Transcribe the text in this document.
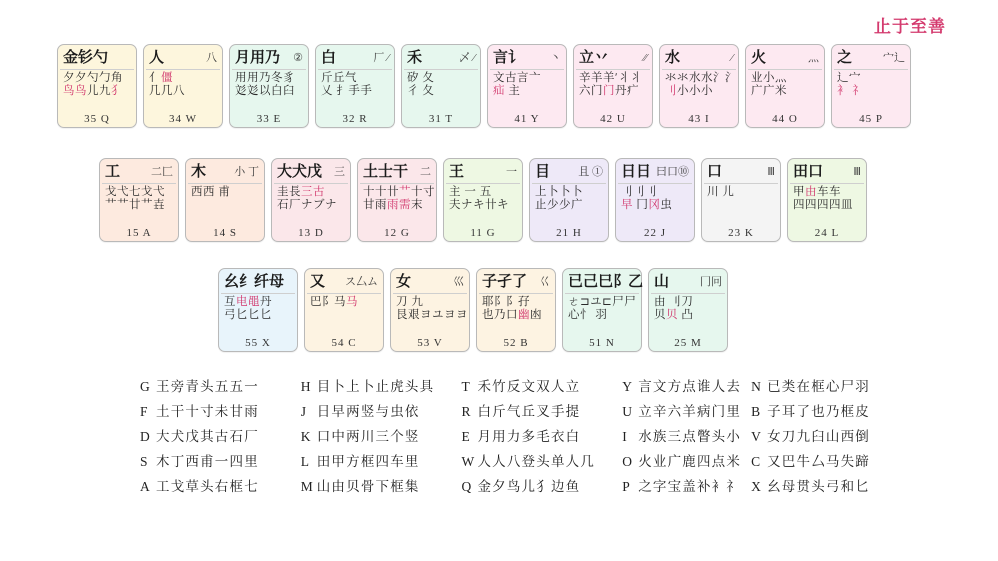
止于至善
金钐勺
夕夕勺勹角
鸟鸟儿九犭
35 Q
人	八
亻僵
几几八
34 W
月用乃 ②
用用乃冬豸
彣彣以白臼
33 E
白	厂 ⁄
斤丘气
乂 扌手手
32 R
禾	乄 ⁄
矽 夂
彳 夂
31 T
言讠 丶
文古言亠
疝 主
41 Y
立丷	⁄⁄
辛羊羊ʹ丬丬
六门门丹疒
42 U
水	⁄
氺氺水水氵氵
刂小小小
43 I
火	灬
业小灬
广广米
44 O
之	宀⻌
辶宀
衤 礻
45 P
工	二匚
戈弋七戈弋
艹艹廿艹壵
15 A
木	小 丁
西西 甫
14 S
大犬戊 三
圭長三古
石厂ナブナ
13 D
土士干 二
十十卄艹十寸
甘雨雨需末
12 G
王	一
主 一 五
夫ナキ卄キ
11 G
目	且 ①
上卜卜卜
止少少广
21 H
日日 曰口⑩
刂刂刂
早 冂冈虫
22 J
口	Ⅲ
川 儿
23 K
田口	Ⅲ
甲由车车
四四四四皿
24 L
幺纟纤母
互电黽丹
弓匕匕匕
55 X
又 ス厶ム
巴阝马马
54 C
女	巛
刀 九
艮艰ヨユヨヨ
53 V
子孑了 巜
耶阝阝孖
也乃口幽凼
52 B
已己巳阝乙
ㄜ⊐ユ⊏尸尸
心忄 羽
51 N
山	冂冋
由 刂刀
贝贝 凸
25 M
G 王旁青头五五一
F 土干十寸未甘雨
D 大犬戊其古石厂
S 木丁西甫一四里
A 工戈草头右框七
H 目卜上卜止虎头具
J 日早两竖与虫依
K 口中两川三个竖
L 田甲方框四车里
M 山由贝骨下框集
T 禾竹反文双人立
R 白斤气丘叉手提
E 月用力多毛衣白
W 人人八登头单人几
Q 金夕鸟儿犭边鱼
Y 言文方点谁人去
U 立辛六羊病门里
I 水族三点瞥头小
O 火业广鹿四点米
P 之字宝盖补衤礻
N 已类在框心尸羽
B 子耳了也乃框皮
V 女刀九臼山西倒
C 又巴牛厶马失蹄
X 幺母贯头弓和匕
